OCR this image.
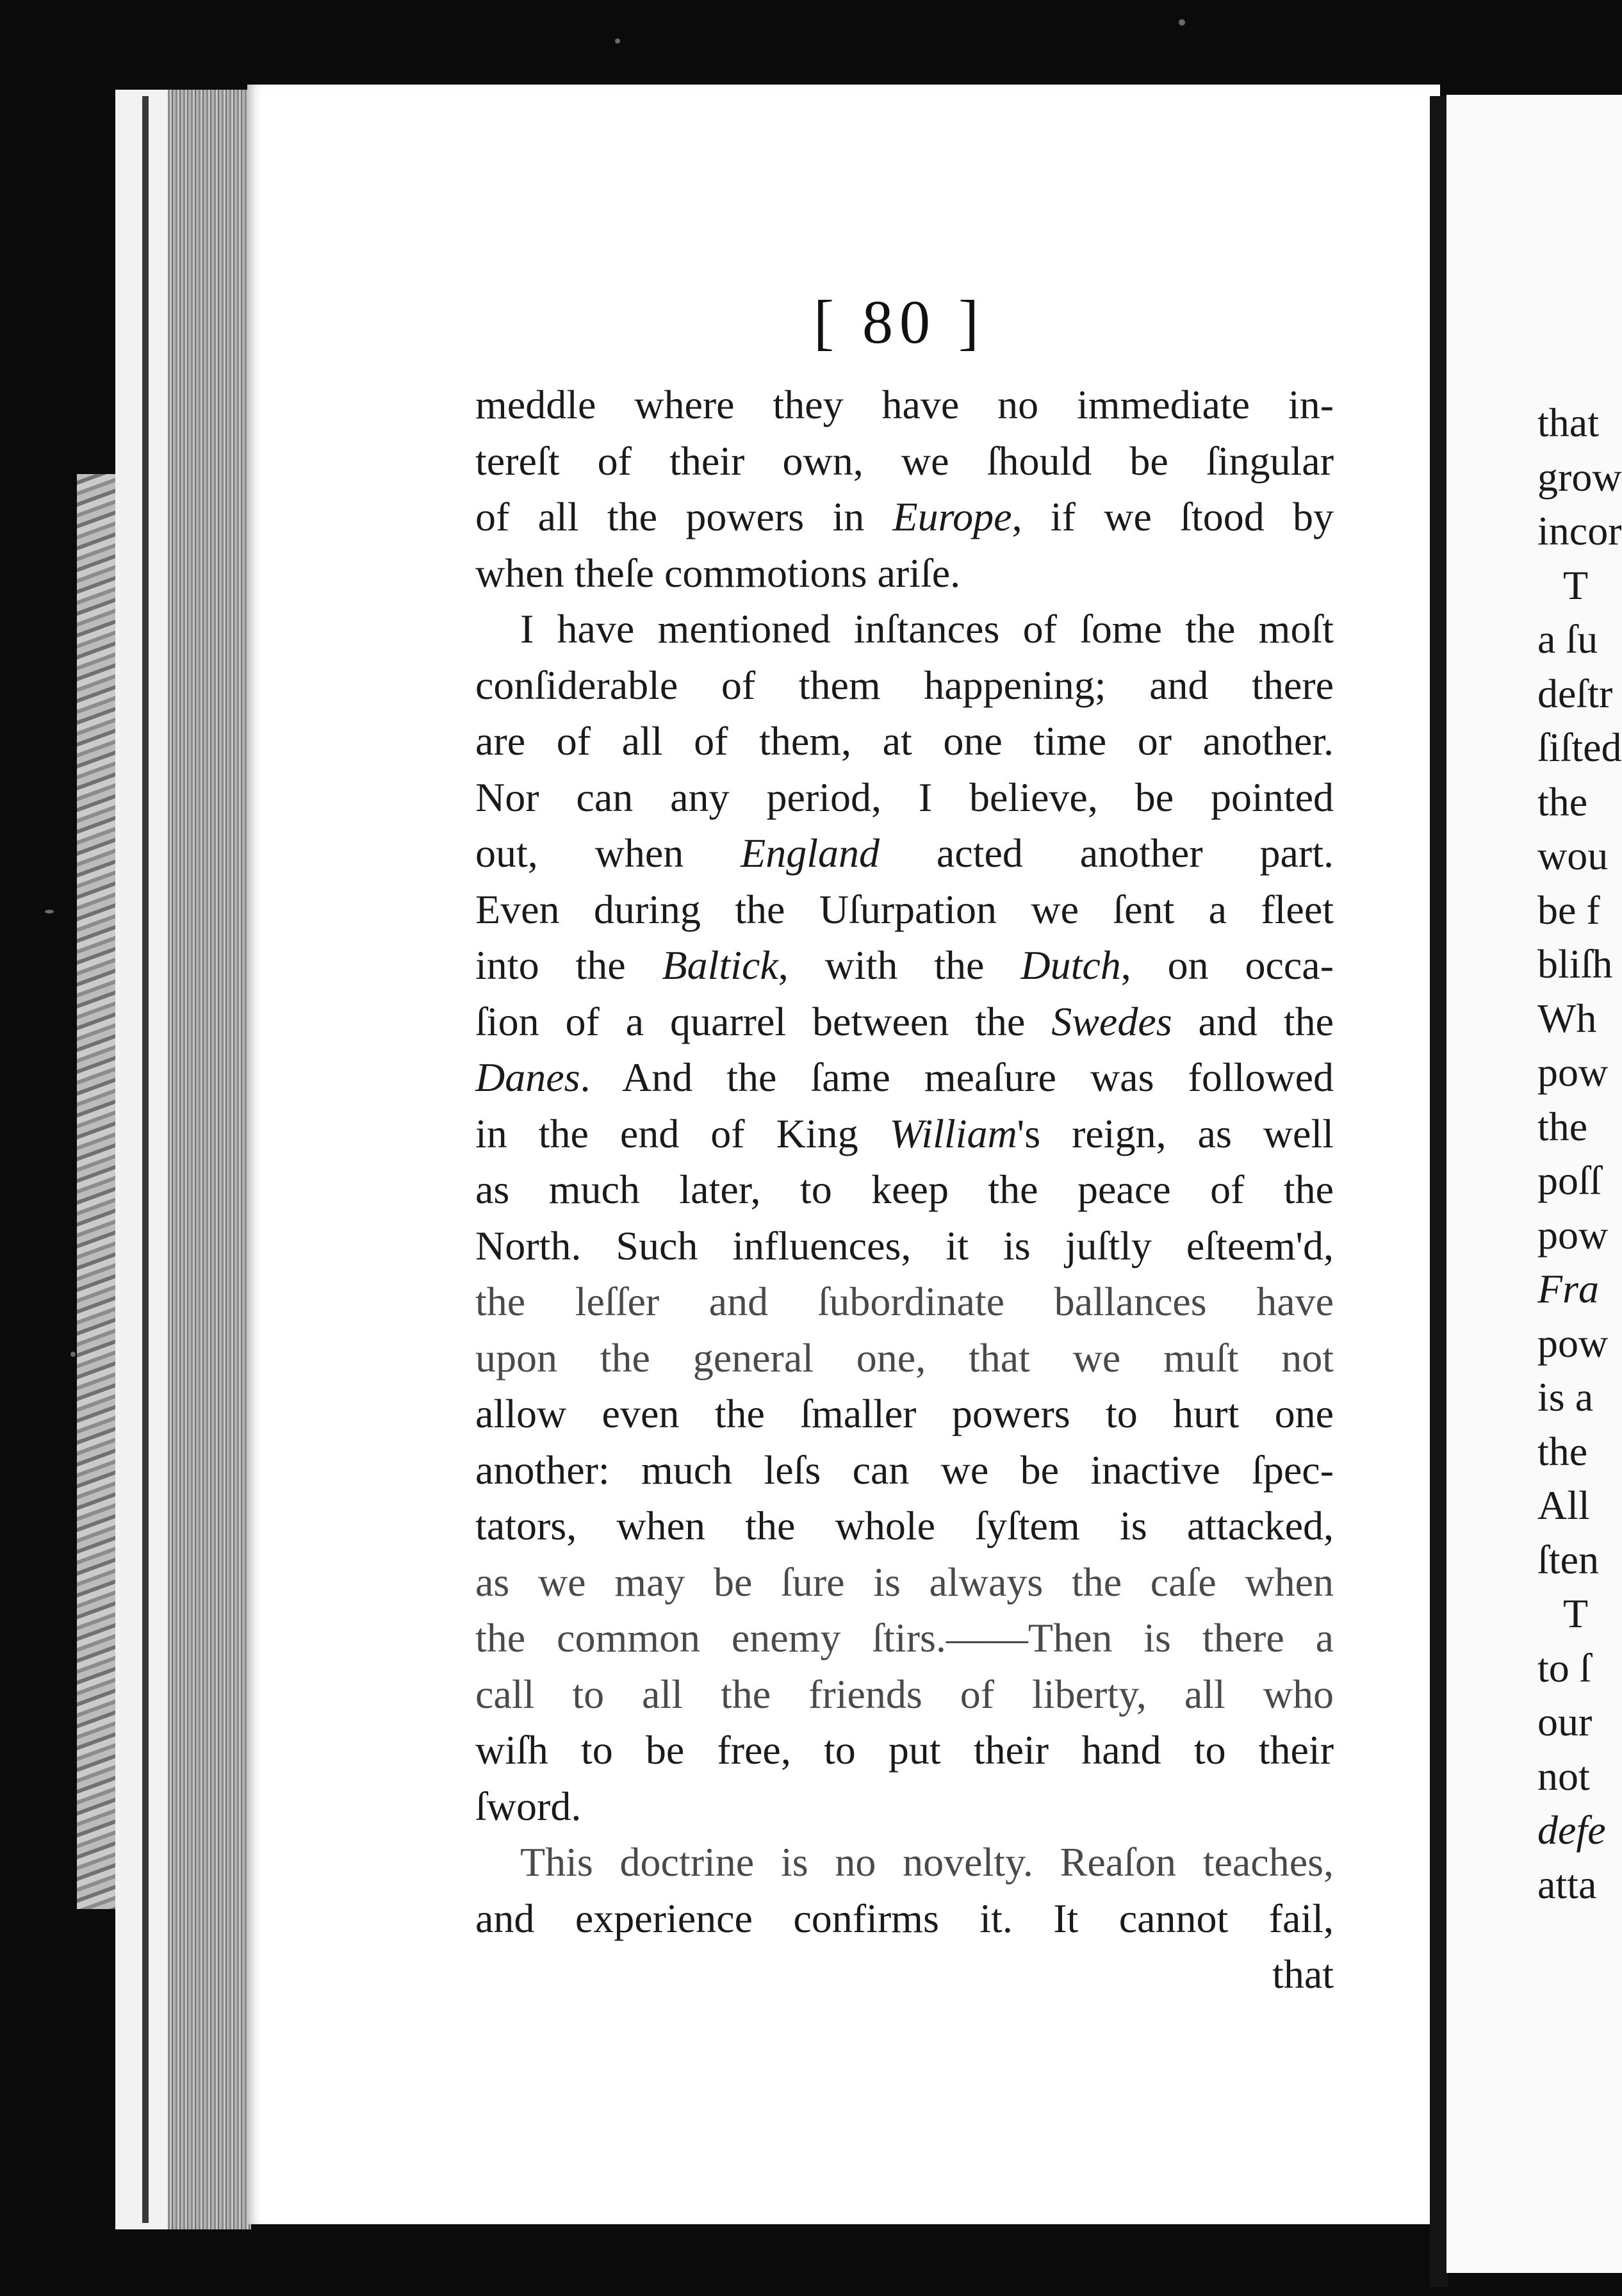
[ 80 ]
meddle where they have no immediate in-
tereſt of their own, we ſhould be ſingular
of all the powers in Europe, if we ſtood by
when theſe commotions ariſe.
I have mentioned inſtances of ſome the moſt
conſiderable of them happening; and there
are of all of them, at one time or another.
Nor can any period, I believe, be pointed
out, when England acted another part.
Even during the Uſurpation we ſent a fleet
into the Baltick, with the Dutch, on occa-
ſion of a quarrel between the Swedes and the
Danes. And the ſame meaſure was followed
in the end of King William's reign, as well
as much later, to keep the peace of the
North. Such influences, it is juſtly eſteem'd,
the leſſer and ſubordinate ballances have
upon the general one, that we muſt not
allow even the ſmaller powers to hurt one
another: much leſs can we be inactive ſpec-
tators, when the whole ſyſtem is attacked,
as we may be ſure is always the caſe when
the common enemy ſtirs.——Then is there a
call to all the friends of liberty, all who
wiſh to be free, to put their hand to their
ſword.
This doctrine is no novelty. Reaſon teaches,
and experience confirms it. It cannot fail,
that
that
grow
incor
T
a ſu
deſtr
ſiſted
the
wou
be f
bliſh
Wh
pow
the
poſſ
pow
Fra
pow
is a
the
All
ſten
T
to ſ
our
not
defe
atta
